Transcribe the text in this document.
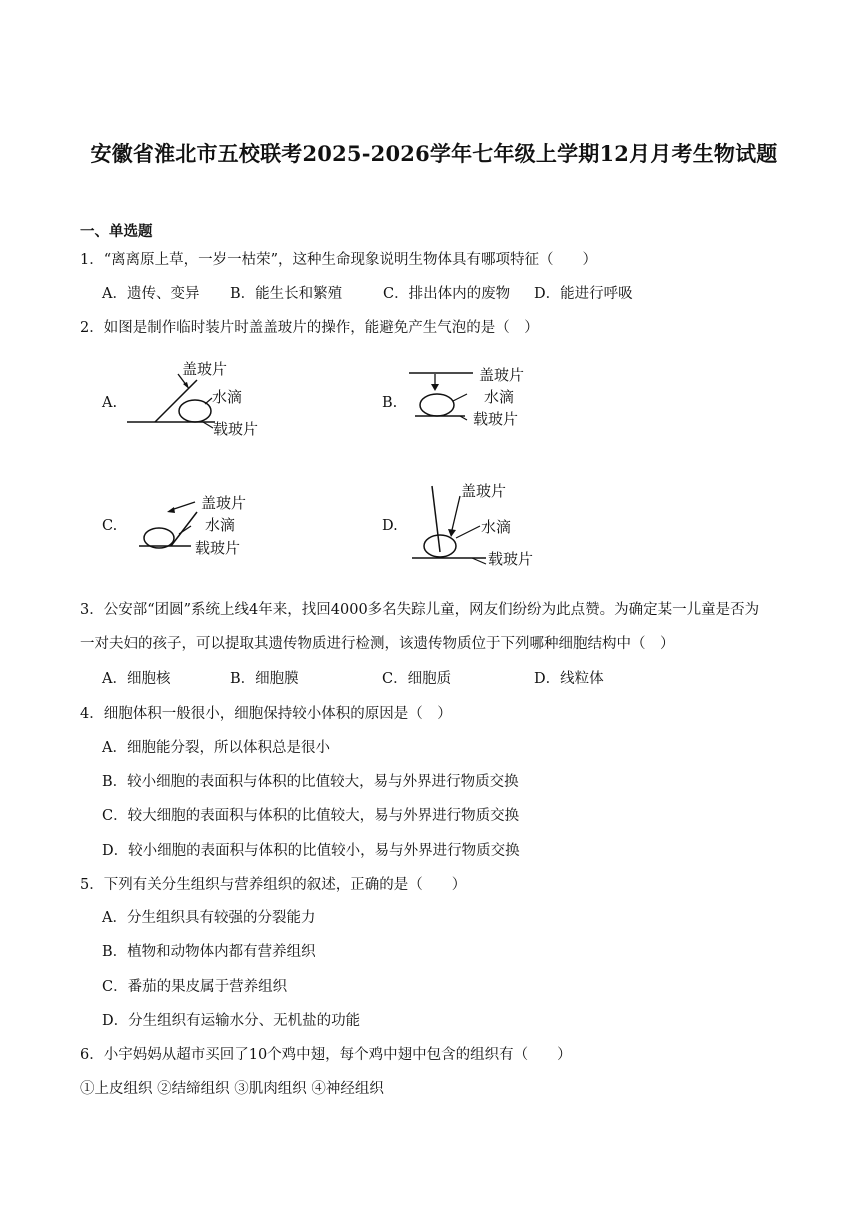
安徽省淮北市五校联考2025-2026学年七年级上学期12月月考生物试题
一、单选题
1．“离离原上草，一岁一枯荣”，这种生命现象说明生物体具有哪项特征（　　）
A．遗传、变异 B．能生长和繁殖	C．排出体内的废物 D．能进行呼吸
2．如图是制作临时装片时盖盖玻片的操作，能避免产生气泡的是（　）
A.
盖玻片
水滴
载玻片
B.
盖玻片
水滴
载玻片
C.
盖玻片
水滴
载玻片
D.
盖玻片
水滴
载玻片
3．公安部“团圆”系统上线4年来，找回4000多名失踪儿童，网友们纷纷为此点赞。为确定某一儿童是否为
一对夫妇的孩子，可以提取其遗传物质进行检测，该遗传物质位于下列哪种细胞结构中（　）
A．细胞核	B．细胞膜	C．细胞质	D．线粒体
4．细胞体积一般很小，细胞保持较小体积的原因是（　）
A．细胞能分裂，所以体积总是很小
B．较小细胞的表面积与体积的比值较大，易与外界进行物质交换
C．较大细胞的表面积与体积的比值较大，易与外界进行物质交换
D．较小细胞的表面积与体积的比值较小，易与外界进行物质交换
5．下列有关分生组织与营养组织的叙述，正确的是（　　）
A．分生组织具有较强的分裂能力
B．植物和动物体内都有营养组织
C．番茄的果皮属于营养组织
D．分生组织有运输水分、无机盐的功能
6．小宇妈妈从超市买回了10个鸡中翅，每个鸡中翅中包含的组织有（　　）
①上皮组织 ②结缔组织 ③肌肉组织 ④神经组织
